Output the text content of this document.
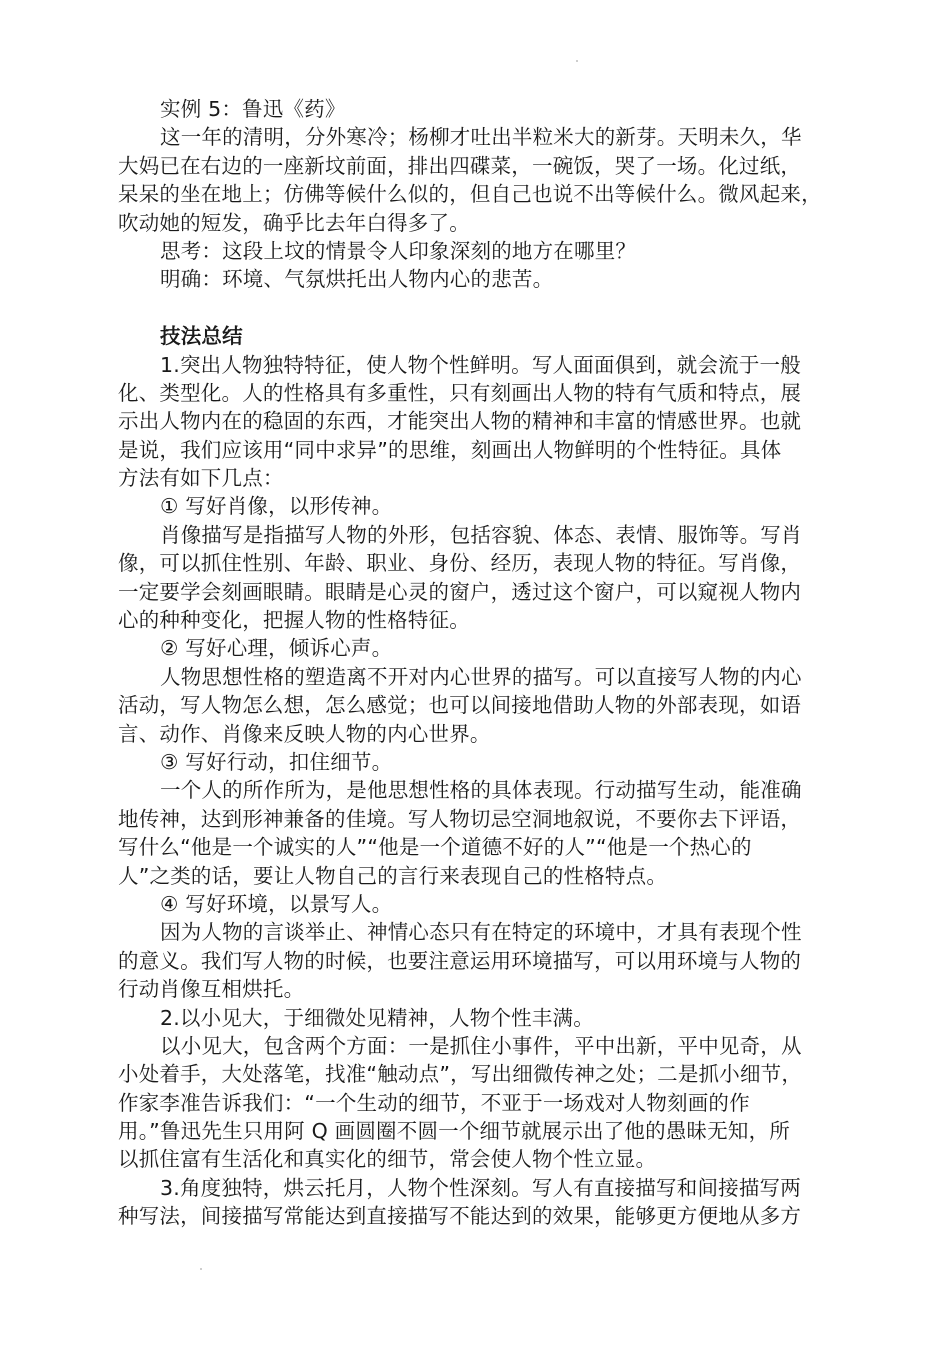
实例 5：鲁迅《药》
这一年的清明，分外寒冷；杨柳才吐出半粒米大的新芽。天明未久，华
大妈已在右边的一座新坟前面，排出四碟菜，一碗饭，哭了一场。化过纸，
呆呆的坐在地上；仿佛等候什么似的，但自己也说不出等候什么。微风起来，
吹动她的短发，确乎比去年白得多了。
思考：这段上坟的情景令人印象深刻的地方在哪里？
明确：环境、气氛烘托出人物内心的悲苦。
技法总结
1.突出人物独特特征，使人物个性鲜明。写人面面俱到，就会流于一般
化、类型化。人的性格具有多重性，只有刻画出人物的特有气质和特点，展
示出人物内在的稳固的东西，才能突出人物的精神和丰富的情感世界。也就
是说，我们应该用“同中求异”的思维，刻画出人物鲜明的个性特征。具体
方法有如下几点：
① 写好肖像，以形传神。
肖像描写是指描写人物的外形，包括容貌、体态、表情、服饰等。写肖
像，可以抓住性别、年龄、职业、身份、经历，表现人物的特征。写肖像，
一定要学会刻画眼睛。眼睛是心灵的窗户，透过这个窗户，可以窥视人物内
心的种种变化，把握人物的性格特征。
② 写好心理，倾诉心声。
人物思想性格的塑造离不开对内心世界的描写。可以直接写人物的内心
活动，写人物怎么想，怎么感觉；也可以间接地借助人物的外部表现，如语
言、动作、肖像来反映人物的内心世界。
③ 写好行动，扣住细节。
一个人的所作所为，是他思想性格的具体表现。行动描写生动，能准确
地传神，达到形神兼备的佳境。写人物切忌空洞地叙说，不要你去下评语，
写什么“他是一个诚实的人”“他是一个道德不好的人”“他是一个热心的
人”之类的话，要让人物自己的言行来表现自己的性格特点。
④ 写好环境，以景写人。
因为人物的言谈举止、神情心态只有在特定的环境中，才具有表现个性
的意义。我们写人物的时候，也要注意运用环境描写，可以用环境与人物的
行动肖像互相烘托。
2.以小见大，于细微处见精神，人物个性丰满。
以小见大，包含两个方面：一是抓住小事件，平中出新，平中见奇，从
小处着手，大处落笔，找准“触动点”，写出细微传神之处；二是抓小细节，
作家李准告诉我们：“一个生动的细节，不亚于一场戏对人物刻画的作
用。”鲁迅先生只用阿 Q 画圆圈不圆一个细节就展示出了他的愚昧无知，所
以抓住富有生活化和真实化的细节，常会使人物个性立显。
3.角度独特，烘云托月，人物个性深刻。写人有直接描写和间接描写两
种写法，间接描写常能达到直接描写不能达到的效果，能够更方便地从多方
